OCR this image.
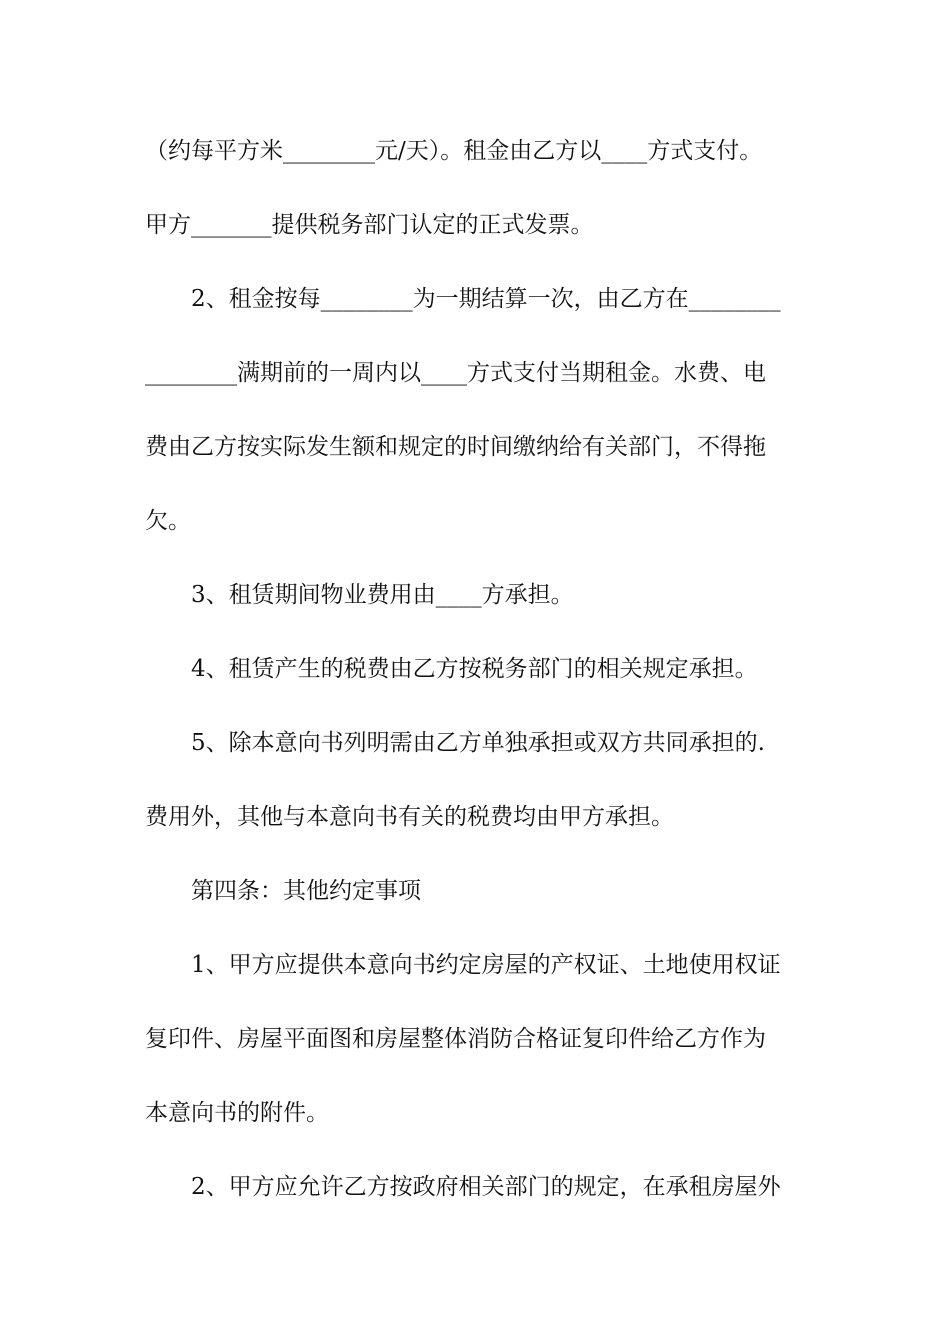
（约每平方米________元/天）。租金由乙方以____方式支付。
甲方_______提供税务部门认定的正式发票。
2、租金按每________为一期结算一次，由乙方在________
________满期前的一周内以____方式支付当期租金。水费、电
费由乙方按实际发生额和规定的时间缴纳给有关部门，不得拖
欠。
3、租赁期间物业费用由____方承担。
4、租赁产生的税费由乙方按税务部门的相关规定承担。
5、除本意向书列明需由乙方单独承担或双方共同承担的.
费用外，其他与本意向书有关的税费均由甲方承担。
第四条：其他约定事项
1、甲方应提供本意向书约定房屋的产权证、土地使用权证
复印件、房屋平面图和房屋整体消防合格证复印件给乙方作为
本意向书的附件。
2、甲方应允许乙方按政府相关部门的规定，在承租房屋外
